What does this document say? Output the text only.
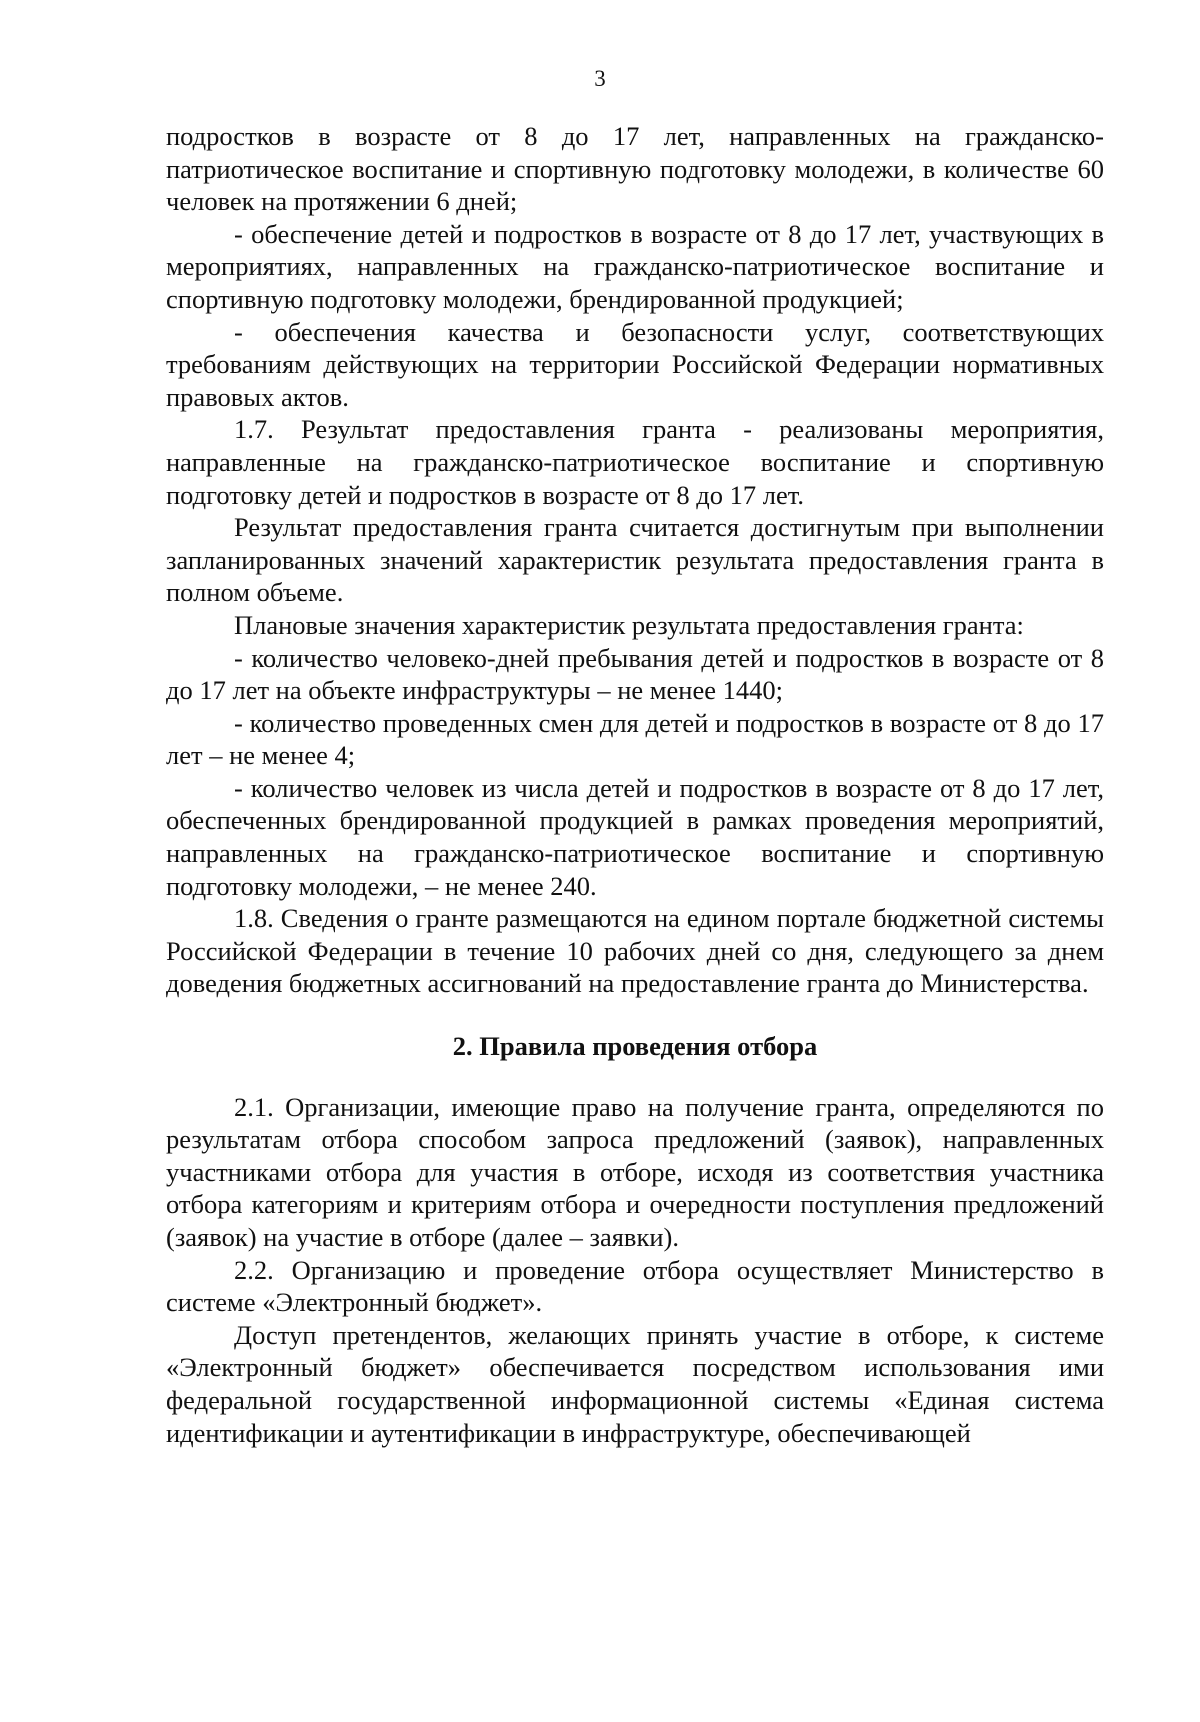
3

подростков в возрасте от 8 до 17 лет, направленных на гражданско-патриотическое воспитание и спортивную подготовку молодежи, в количестве 60 человек на протяжении 6 дней;

- обеспечение детей и подростков в возрасте от 8 до 17 лет, участвующих в мероприятиях, направленных на гражданско-патриотическое воспитание и спортивную подготовку молодежи, брендированной продукцией;

- обеспечения качества и безопасности услуг, соответствующих требованиям действующих на территории Российской Федерации нормативных правовых актов.

1.7. Результат предоставления гранта - реализованы мероприятия, направленные на гражданско-патриотическое воспитание и спортивную подготовку детей и подростков в возрасте от 8 до 17 лет.

Результат предоставления гранта считается достигнутым при выполнении запланированных значений характеристик результата предоставления гранта в полном объеме.

Плановые значения характеристик результата предоставления гранта:

- количество человеко-дней пребывания детей и подростков в возрасте от 8 до 17 лет на объекте инфраструктуры – не менее 1440;

- количество проведенных смен для детей и подростков в возрасте от 8 до 17 лет – не менее 4;

- количество человек из числа детей и подростков в возрасте от 8 до 17 лет, обеспеченных брендированной продукцией в рамках проведения мероприятий, направленных на гражданско-патриотическое воспитание и спортивную подготовку молодежи, – не менее 240.

1.8. Сведения о гранте размещаются на едином портале бюджетной системы Российской Федерации в течение 10 рабочих дней со дня, следующего за днем доведения бюджетных ассигнований на предоставление гранта до Министерства.

2. Правила проведения отбора

2.1. Организации, имеющие право на получение гранта, определяются по результатам отбора способом запроса предложений (заявок), направленных участниками отбора для участия в отборе, исходя из соответствия участника отбора категориям и критериям отбора и очередности поступления предложений (заявок) на участие в отборе (далее – заявки).

2.2. Организацию и проведение отбора осуществляет Министерство в системе «Электронный бюджет».

Доступ претендентов, желающих принять участие в отборе, к системе «Электронный бюджет» обеспечивается посредством использования ими федеральной государственной информационной системы «Единая система идентификации и аутентификации в инфраструктуре, обеспечивающей
